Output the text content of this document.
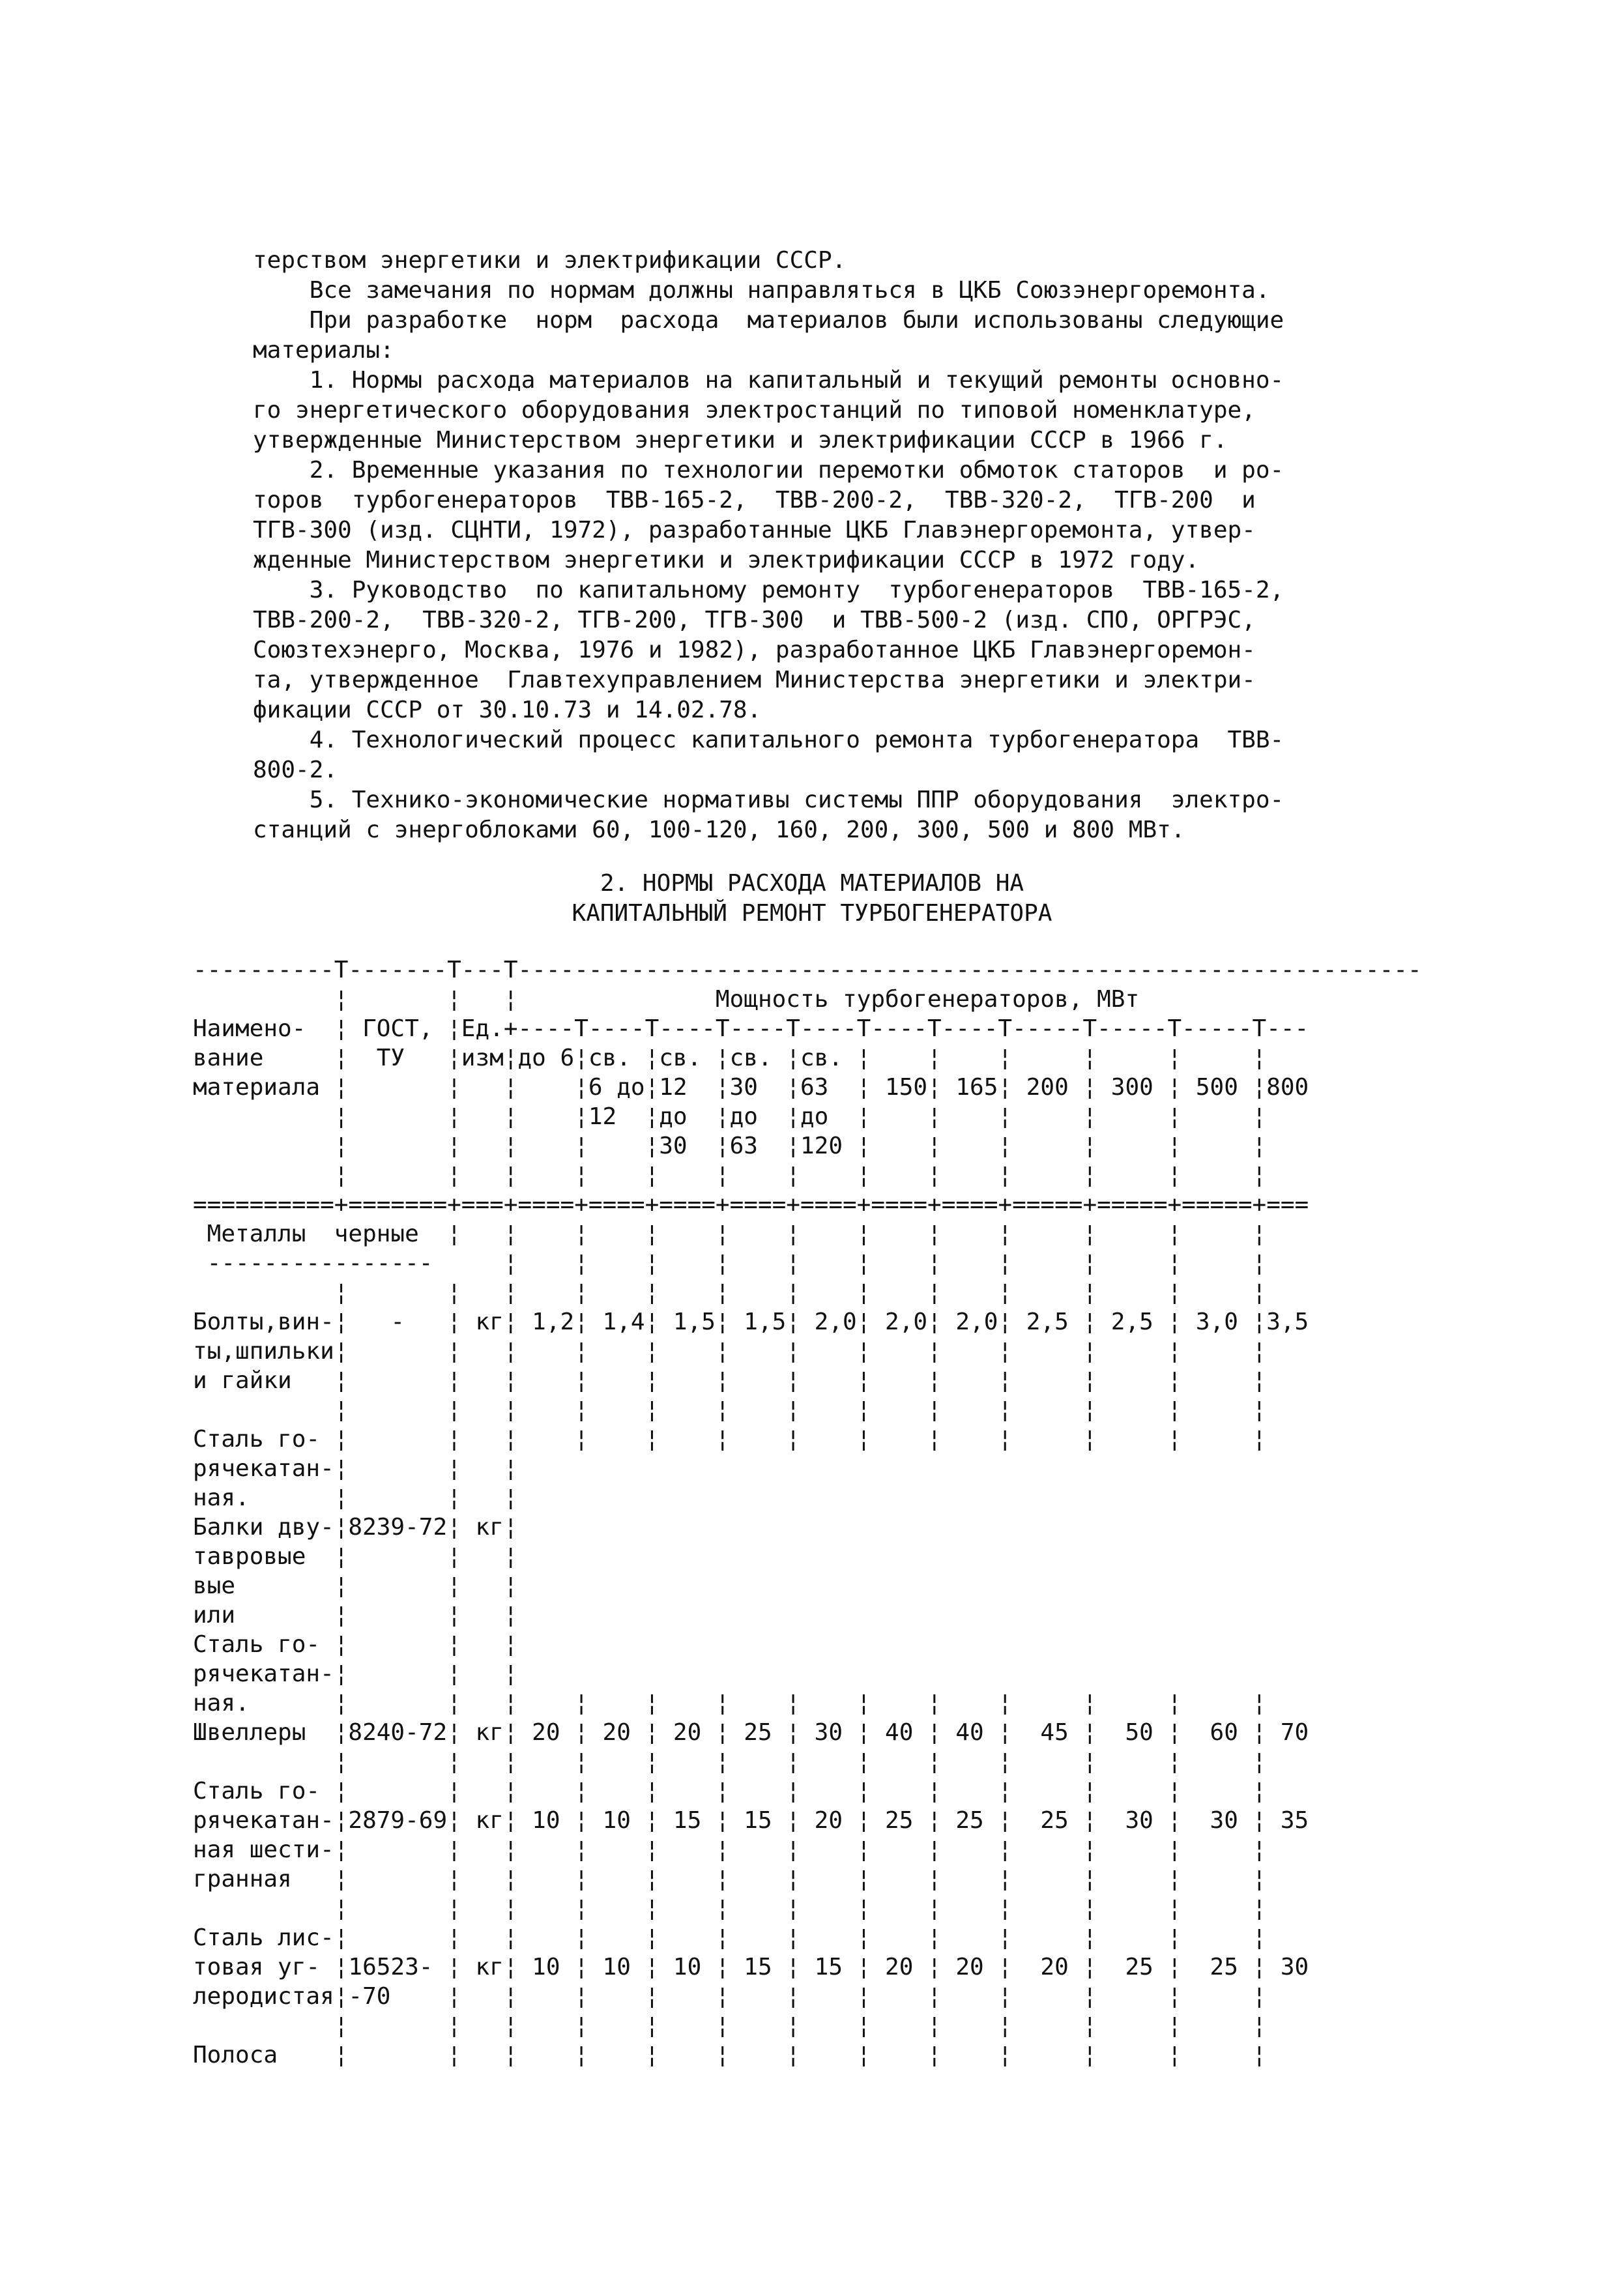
терством энергетики и электрификации СССР.
Все замечания по нормам должны направляться в ЦКБ Союзэнергоремонта.
При разработке  норм  расхода  материалов были использованы следующие
материалы:
1. Нормы расхода материалов на капитальный и текущий ремонты основно-
го энергетического оборудования электростанций по типовой номенклатуре,
утвержденные Министерством энергетики и электрификации СССР в 1966 г.
2. Временные указания по технологии перемотки обмоток статоров  и ро-
торов  турбогенераторов  ТВВ-165-2,  ТВВ-200-2,  ТВВ-320-2,  ТГВ-200  и
ТГВ-300 (изд. СЦНТИ, 1972), разработанные ЦКБ Главэнергоремонта, утвер-
жденные Министерством энергетики и электрификации СССР в 1972 году.
3. Руководство  по капитальному ремонту  турбогенераторов  ТВВ-165-2,
ТВВ-200-2,  ТВВ-320-2, ТГВ-200, ТГВ-300  и ТВВ-500-2 (изд. СПО, ОРГРЭС,
Союзтехэнерго, Москва, 1976 и 1982), разработанное ЦКБ Главэнергоремон-
та, утвержденное  Главтехуправлением Министерства энергетики и электри-
фикации СССР от 30.10.73 и 14.02.78.
4. Технологический процесс капитального ремонта турбогенератора  ТВВ-
800-2.
5. Технико-экономические нормативы системы ППР оборудования  электро-
станций с энергоблоками 60, 100-120, 160, 200, 300, 500 и 800 МВт.
2. НОРМЫ РАСХОДА МАТЕРИАЛОВ НА
КАПИТАЛЬНЫЙ РЕМОНТ ТУРБОГЕНЕРАТОРА
----------T-------T---T----------------------------------------------------------------
¦       ¦   ¦              Мощность турбогенераторов, МВт
Наимено-  ¦ ГОСТ, ¦Ед.+----T----T----T----T----T----T----T-----T-----T-----T---
вание     ¦  ТУ   ¦изм¦до 6¦св. ¦св. ¦св. ¦св. ¦    ¦    ¦     ¦     ¦     ¦
материала ¦       ¦   ¦    ¦6 до¦12  ¦30  ¦63  ¦ 150¦ 165¦ 200 ¦ 300 ¦ 500 ¦800
¦       ¦   ¦    ¦12  ¦до  ¦до  ¦до  ¦    ¦    ¦     ¦     ¦     ¦
¦       ¦   ¦    ¦    ¦30  ¦63  ¦120 ¦    ¦    ¦     ¦     ¦     ¦
¦       ¦   ¦    ¦    ¦    ¦    ¦    ¦    ¦    ¦     ¦     ¦     ¦
==========+=======+===+====+====+====+====+====+====+====+=====+=====+=====+===
Металлы  черные  ¦   ¦    ¦    ¦    ¦    ¦    ¦    ¦    ¦     ¦     ¦     ¦
----------------     ¦    ¦    ¦    ¦    ¦    ¦    ¦    ¦     ¦     ¦     ¦
¦       ¦   ¦    ¦    ¦    ¦    ¦    ¦    ¦    ¦     ¦     ¦     ¦
Болты,вин-¦   -   ¦ кг¦ 1,2¦ 1,4¦ 1,5¦ 1,5¦ 2,0¦ 2,0¦ 2,0¦ 2,5 ¦ 2,5 ¦ 3,0 ¦3,5
ты,шпильки¦       ¦   ¦    ¦    ¦    ¦    ¦    ¦    ¦    ¦     ¦     ¦     ¦
и гайки   ¦       ¦   ¦    ¦    ¦    ¦    ¦    ¦    ¦    ¦     ¦     ¦     ¦
¦       ¦   ¦    ¦    ¦    ¦    ¦    ¦    ¦    ¦     ¦     ¦     ¦
Сталь го- ¦       ¦   ¦    ¦    ¦    ¦    ¦    ¦    ¦    ¦     ¦     ¦     ¦
рячекатан-¦       ¦   ¦
ная.      ¦       ¦   ¦
Балки дву-¦8239-72¦ кг¦
тавровые  ¦       ¦   ¦
вые       ¦       ¦   ¦
или       ¦       ¦   ¦
Сталь го- ¦       ¦   ¦
рячекатан-¦       ¦   ¦
ная.      ¦       ¦   ¦    ¦    ¦    ¦    ¦    ¦    ¦    ¦     ¦     ¦     ¦
Швеллеры  ¦8240-72¦ кг¦ 20 ¦ 20 ¦ 20 ¦ 25 ¦ 30 ¦ 40 ¦ 40 ¦  45 ¦  50 ¦  60 ¦ 70
¦       ¦   ¦    ¦    ¦    ¦    ¦    ¦    ¦    ¦     ¦     ¦     ¦
Сталь го- ¦       ¦   ¦    ¦    ¦    ¦    ¦    ¦    ¦    ¦     ¦     ¦     ¦
рячекатан-¦2879-69¦ кг¦ 10 ¦ 10 ¦ 15 ¦ 15 ¦ 20 ¦ 25 ¦ 25 ¦  25 ¦  30 ¦  30 ¦ 35
ная шести-¦       ¦   ¦    ¦    ¦    ¦    ¦    ¦    ¦    ¦     ¦     ¦     ¦
гранная   ¦       ¦   ¦    ¦    ¦    ¦    ¦    ¦    ¦    ¦     ¦     ¦     ¦
¦       ¦   ¦    ¦    ¦    ¦    ¦    ¦    ¦    ¦     ¦     ¦     ¦
Сталь лис-¦       ¦   ¦    ¦    ¦    ¦    ¦    ¦    ¦    ¦     ¦     ¦     ¦
товая уг- ¦16523- ¦ кг¦ 10 ¦ 10 ¦ 10 ¦ 15 ¦ 15 ¦ 20 ¦ 20 ¦  20 ¦  25 ¦  25 ¦ 30
леродистая¦-70    ¦   ¦    ¦    ¦    ¦    ¦    ¦    ¦    ¦     ¦     ¦     ¦
¦       ¦   ¦    ¦    ¦    ¦    ¦    ¦    ¦    ¦     ¦     ¦     ¦
Полоса    ¦       ¦   ¦    ¦    ¦    ¦    ¦    ¦    ¦    ¦     ¦     ¦     ¦
